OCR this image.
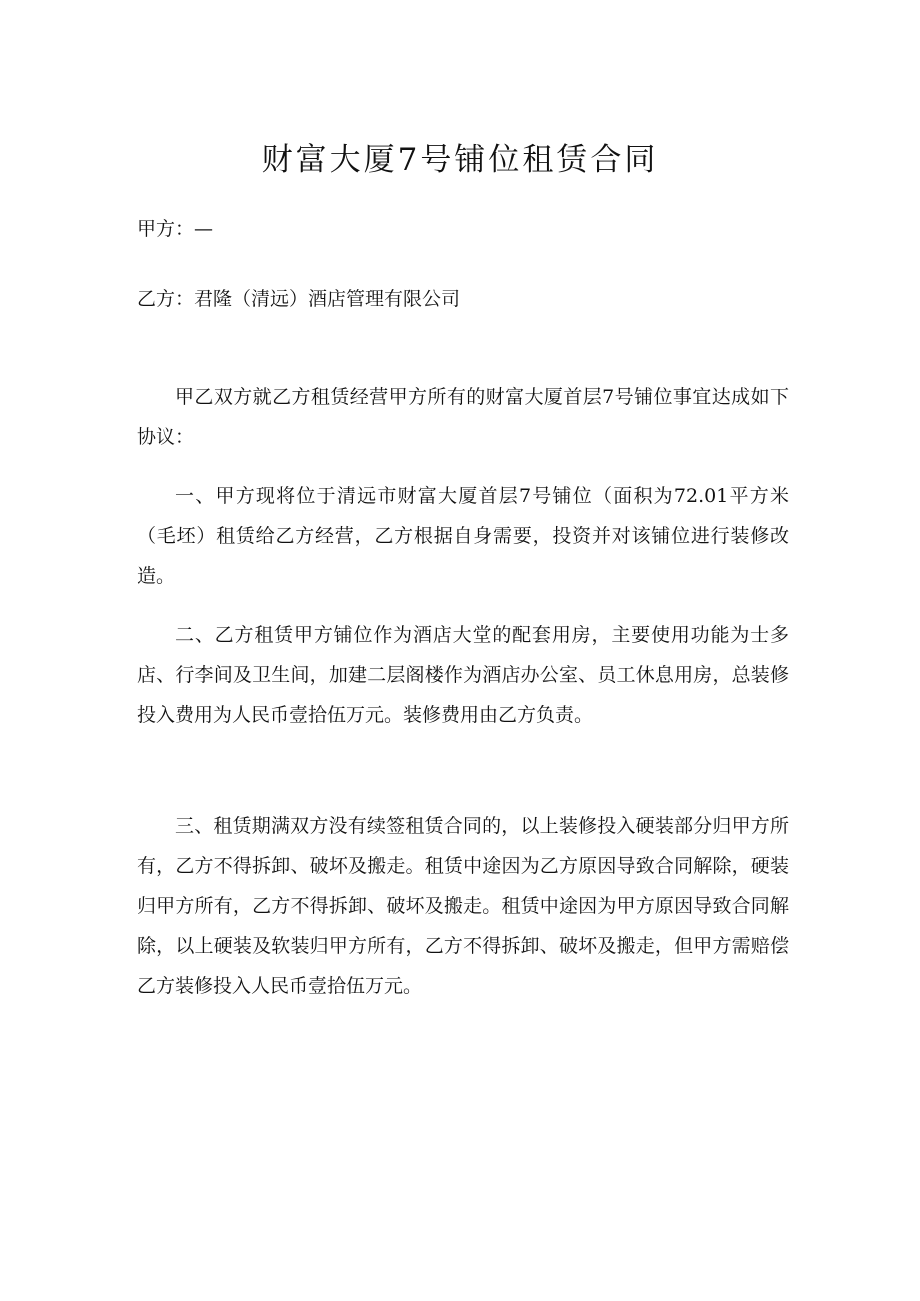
财富大厦7号铺位租赁合同
甲方：—
乙方：君隆（清远）酒店管理有限公司

甲乙双方就乙方租赁经营甲方所有的财富大厦首层7号铺位事宜达成如下协议：

一、甲方现将位于清远市财富大厦首层7号铺位（面积为72.01平方米（毛坯）租赁给乙方经营，乙方根据自身需要，投资并对该铺位进行装修改造。

二、乙方租赁甲方铺位作为酒店大堂的配套用房，主要使用功能为士多店、行李间及卫生间，加建二层阁楼作为酒店办公室、员工休息用房，总装修投入费用为人民币壹拾伍万元。装修费用由乙方负责。

三、租赁期满双方没有续签租赁合同的，以上装修投入硬装部分归甲方所有，乙方不得拆卸、破坏及搬走。租赁中途因为乙方原因导致合同解除，硬装归甲方所有，乙方不得拆卸、破坏及搬走。租赁中途因为甲方原因导致合同解除，以上硬装及软装归甲方所有，乙方不得拆卸、破坏及搬走，但甲方需赔偿乙方装修投入人民币壹拾伍万元。
